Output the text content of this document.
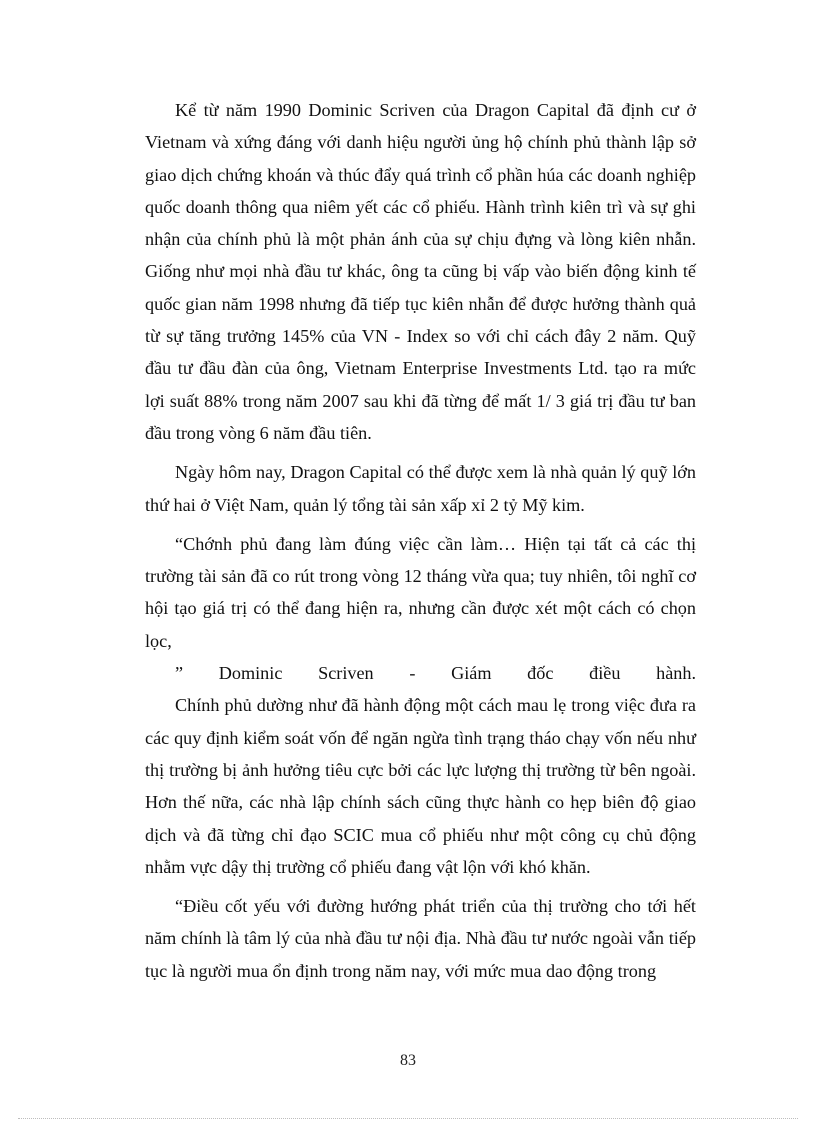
Kể từ năm 1990 Dominic Scriven của Dragon Capital đã định cư ở Vietnam và xứng đáng với danh hiệu người ủng hộ chính phủ thành lập sở giao dịch chứng khoán và thúc đẩy quá trình cổ phần húa các doanh nghiệp quốc doanh thông qua niêm yết các cổ phiếu. Hành trình kiên trì và sự ghi nhận của chính phủ là một phản ánh của sự chịu đựng và lòng kiên nhẫn. Giống như mọi nhà đầu tư khác, ông ta cũng bị vấp vào biến động kinh tế quốc gian năm 1998 nhưng đã tiếp tục kiên nhẫn để được hưởng thành quả từ sự tăng trưởng 145% của VN - Index so với chỉ cách đây 2 năm. Quỹ đầu tư đầu đàn của ông, Vietnam Enterprise Investments Ltd. tạo ra mức lợi suất 88% trong năm 2007 sau khi đã từng để mất 1/ 3 giá trị đầu tư ban đầu trong vòng 6 năm đầu tiên.

Ngày hôm nay, Dragon Capital có thể được xem là nhà quản lý quỹ lớn thứ hai ở Việt Nam, quản lý tổng tài sản xấp xỉ 2 tỷ Mỹ kim.

“Chớnh phủ đang làm đúng việc cần làm… Hiện tại tất cả các thị trường tài sản đã co rút trong vòng 12 tháng vừa qua; tuy nhiên, tôi nghĩ cơ hội tạo giá trị có thể đang hiện ra, nhưng cần được xét một cách có chọn lọc,

” Dominic Scriven - Giám đốc điều hành.

Chính phủ dường như đã hành động một cách mau lẹ trong việc đưa ra các quy định kiểm soát vốn để ngăn ngừa tình trạng tháo chạy vốn nếu như thị trường bị ảnh hưởng tiêu cực bởi các lực lượng thị trường từ bên ngoài. Hơn thế nữa, các nhà lập chính sách cũng thực hành co hẹp biên độ giao dịch và đã từng chỉ đạo SCIC mua cổ phiếu như một công cụ chủ động nhằm vực dậy thị trường cổ phiếu đang vật lộn với khó khăn.

“Điều cốt yếu với đường hướng phát triển của thị trường cho tới hết năm chính là tâm lý của nhà đầu tư nội địa. Nhà đầu tư nước ngoài vẫn tiếp tục là người mua ổn định trong năm nay, với mức mua dao động trong

83
